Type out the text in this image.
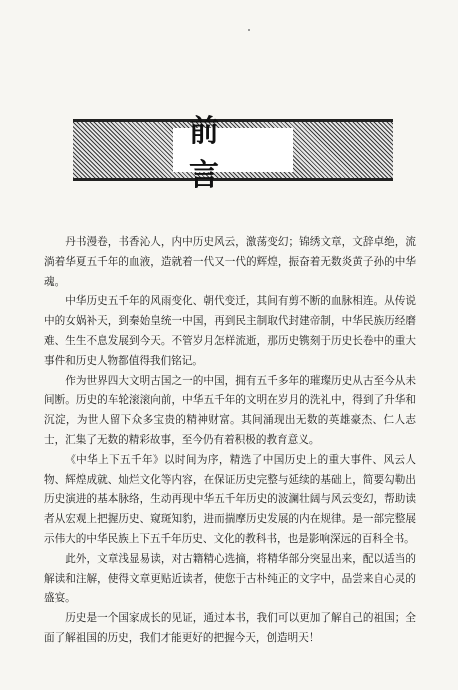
前 言

丹书漫卷，书香沁人，内中历史风云，激荡变幻；锦绣文章，文辞卓绝，流淌着华夏五千年的血液，造就着一代又一代的辉煌，振奋着无数炎黄子孙的中华魂。

中华历史五千年的风雨变化、朝代变迁，其间有剪不断的血脉相连。从传说中的女娲补天，到秦始皇统一中国，再到民主制取代封建帝制，中华民族历经磨难、生生不息发展到今天。不管岁月怎样流逝，那历史镌刻于历史长卷中的重大事件和历史人物都值得我们铭记。

作为世界四大文明古国之一的中国，拥有五千多年的璀璨历史从古至今从未间断。历史的车轮滚滚向前，中华五千年的文明在岁月的洗礼中，得到了升华和沉淀，为世人留下众多宝贵的精神财富。其间涌现出无数的英雄豪杰、仁人志士，汇集了无数的精彩故事，至今仍有着积极的教育意义。

《中华上下五千年》以时间为序，精选了中国历史上的重大事件、风云人物、辉煌成就、灿烂文化等内容，在保证历史完整与延续的基础上，简要勾勒出历史演进的基本脉络，生动再现中华五千年历史的波澜壮阔与风云变幻，帮助读者从宏观上把握历史、窥斑知豹，进而揣摩历史发展的内在规律。是一部完整展示伟大的中华民族上下五千年历史、文化的教科书，也是影响深远的百科全书。

此外，文章浅显易读，对古籍精心选摘，将精华部分突显出来，配以适当的解读和注解，使得文章更贴近读者，使您于古朴纯正的文字中，品尝来自心灵的盛宴。

历史是一个国家成长的见证，通过本书，我们可以更加了解自己的祖国；全面了解祖国的历史，我们才能更好的把握今天，创造明天！
